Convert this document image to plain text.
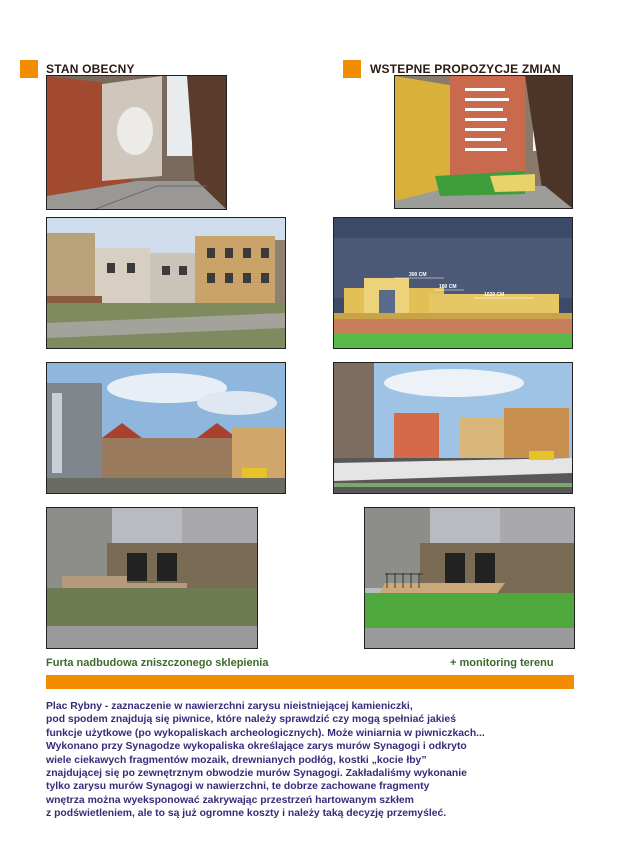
STAN OBECNY	WSTEPNE PROPOZYCJE ZMIAN
300 CM
180 CM
1020 CM
Furta nadbudowa zniszczonego sklepienia	+ monitoring terenu

Plac Rybny - zaznaczenie w nawierzchni zarysu nieistniejącej kamieniczki,

pod spodem znajdują się piwnice, które należy sprawdzić czy mogą spełniać jakieś

funkcje użytkowe (po wykopaliskach archeologicznych). Może winiarnia w piwniczkach...

Wykonano przy Synagodze wykopaliska określające zarys murów Synagogi i odkryto

wiele ciekawych fragmentów mozaik, drewnianych podłóg, kostki „kocie łby”

znajdującej się po zewnętrznym obwodzie murów Synagogi. Zakładaliśmy wykonanie

tylko zarysu murów Synagogi w nawierzchni, te dobrze zachowane fragmenty

wnętrza można wyeksponować zakrywając przestrzeń hartowanym szkłem

z podświetleniem, ale to są już ogromne koszty i należy taką decyzję przemyśleć.
